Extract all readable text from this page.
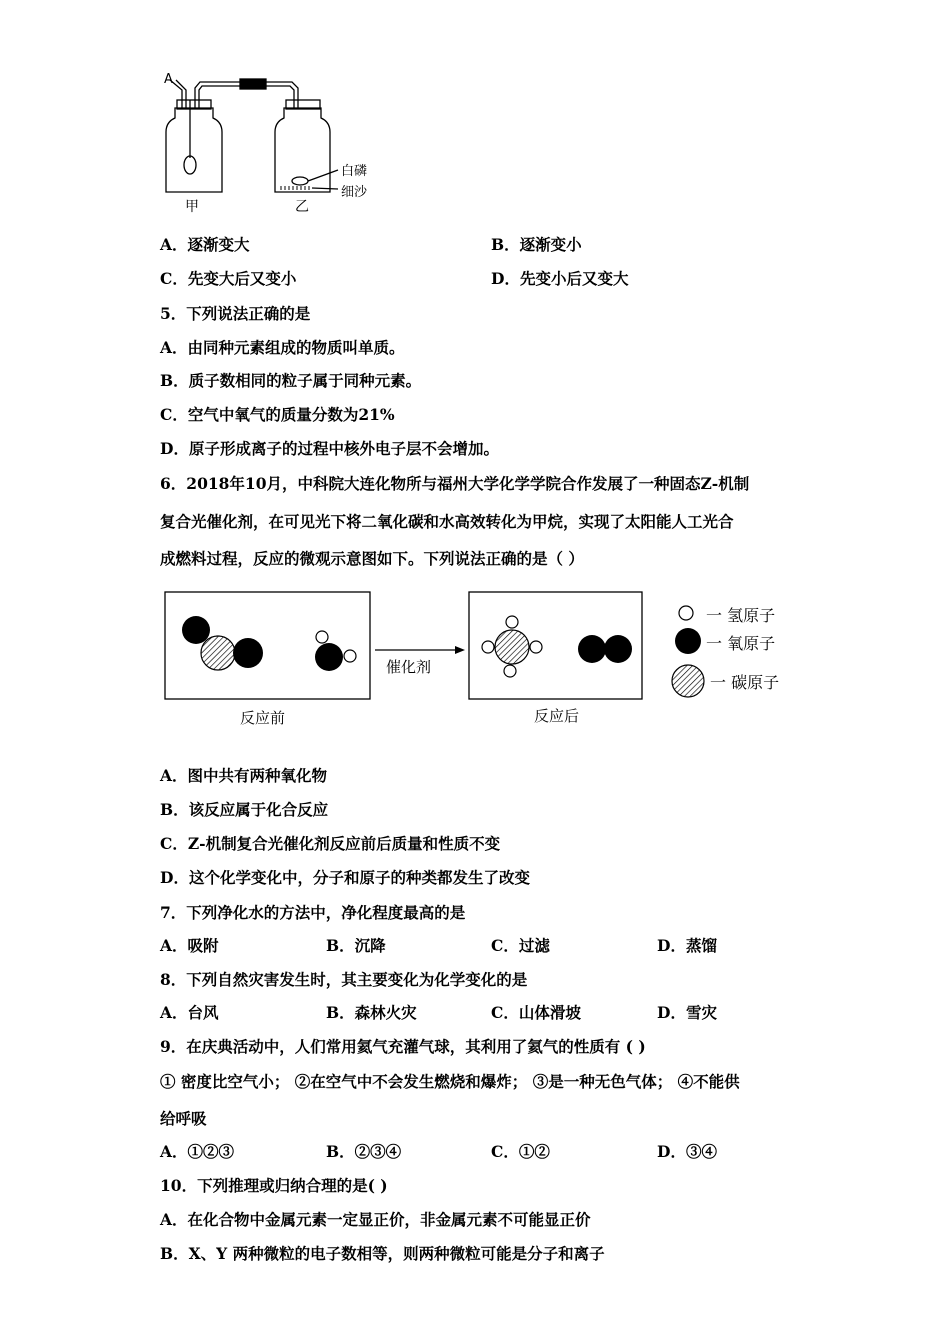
A
甲	乙
白磷
细沙
A．逐渐变大	B．逐渐变小
C．先变大后又变小	D．先变小后又变大
5．下列说法正确的是
A．由同种元素组成的物质叫单质。
B．质子数相同的粒子属于同种元素。
C．空气中氧气的质量分数为21%
D．原子形成离子的过程中核外电子层不会增加。
6．2018年10月，中科院大连化物所与福州大学化学学院合作发展了一种固态Z-机制
复合光催化剂，在可见光下将二氧化碳和水高效转化为甲烷，实现了太阳能人工光合
成燃料过程，反应的微观示意图如下。下列说法正确的是（ ）
反应前	反应后
催化剂
一 氢原子
一 氧原子
一 碳原子
A．图中共有两种氧化物
B．该反应属于化合反应
C．Z-机制复合光催化剂反应前后质量和性质不变
D．这个化学变化中，分子和原子的种类都发生了改变
7．下列净化水的方法中，净化程度最高的是
A．吸附	B．沉降	C．过滤	D．蒸馏
8．下列自然灾害发生时，其主要变化为化学变化的是
A．台风	B．森林火灾	C．山体滑坡	D．雪灾
9．在庆典活动中，人们常用氦气充灌气球，其利用了氦气的性质有 ( )
① 密度比空气小； ②在空气中不会发生燃烧和爆炸； ③是一种无色气体； ④不能供
给呼吸
A．①②③	B．②③④	C．①②	D．③④
10．下列推理或归纳合理的是( )
A．在化合物中金属元素一定显正价，非金属元素不可能显正价
B．X、Y 两种微粒的电子数相等，则两种微粒可能是分子和离子
